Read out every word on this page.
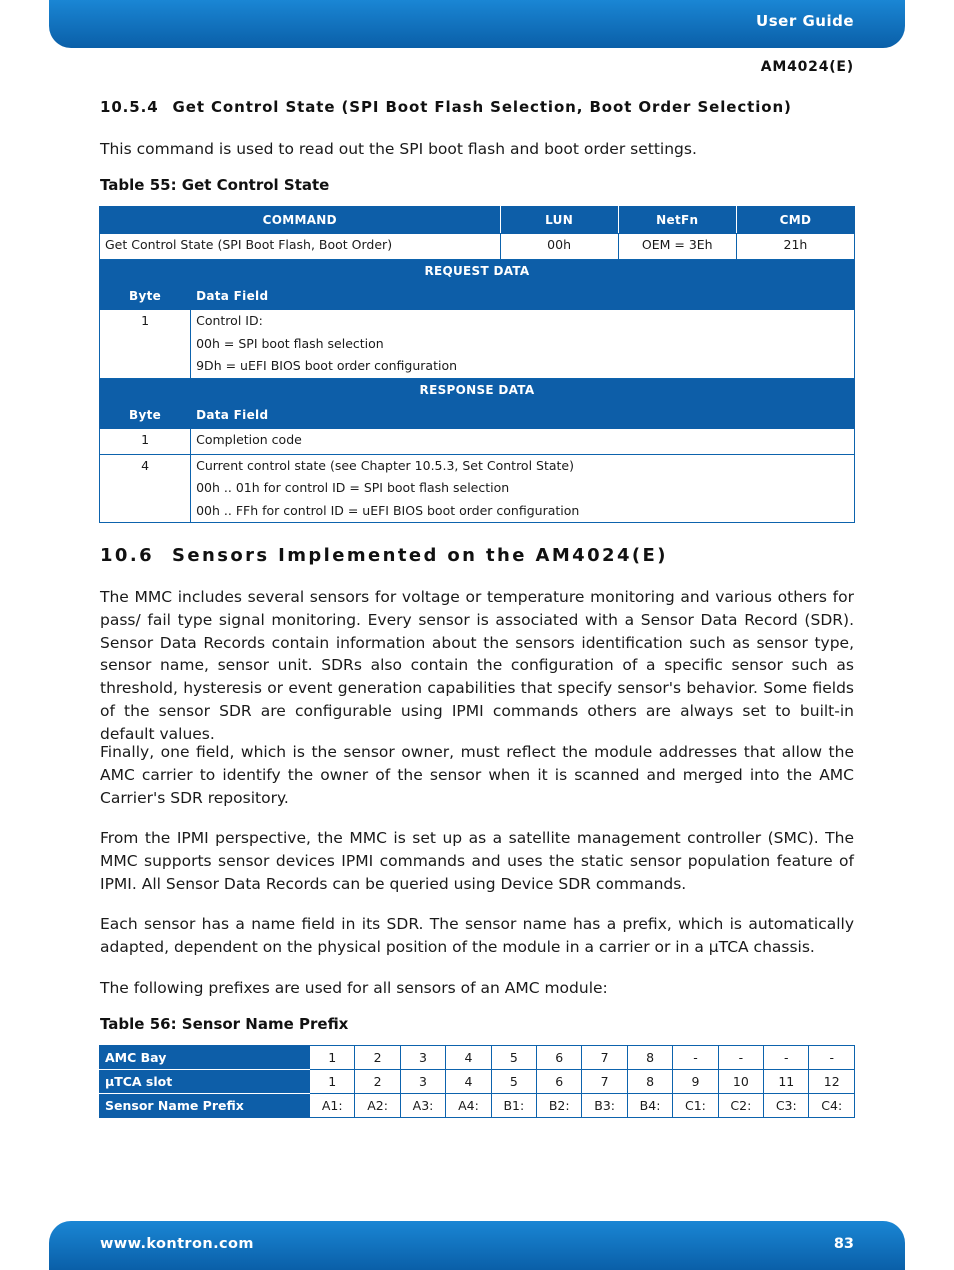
User Guide
AM4024(E)
10.5.4 Get Control State (SPI Boot Flash Selection, Boot Order Selection)

This command is used to read out the SPI boot flash and boot order settings.

Table 55: Get Control State
COMMAND		LUN	NetFn	CMD
Get Control State (SPI Boot Flash, Boot Order)		00h	OEM = 3Eh	21h
REQUEST DATA				
Byte	Data Field			
1	Control ID:
00h = SPI boot flash selection
9Dh = uEFI BIOS boot order configuration			

RESPONSE DATA				
Byte	Data Field			
1	Completion code			
4	Current control state (see Chapter 10.5.3, Set Control State)
00h .. 01h for control ID = SPI boot flash selection
00h .. FFh for control ID = uEFI BIOS boot order configuration			
10.6 Sensors Implemented on the AM4024(E)

The MMC includes several sensors for voltage or temperature monitoring and various others for pass/ fail type signal monitoring. Every sensor is associated with a Sensor Data Record (SDR). Sensor Data Records contain information about the sensors identification such as sensor type, sensor name, sensor unit. SDRs also contain the configuration of a specific sensor such as threshold, hysteresis or event generation capabilities that specify sensor's behavior. Some fields of the sensor SDR are configurable using IPMI commands others are always set to built-in default values.

Finally, one field, which is the sensor owner, must reflect the module addresses that allow the AMC carrier to identify the owner of the sensor when it is scanned and merged into the AMC Carrier's SDR repository.

From the IPMI perspective, the MMC is set up as a satellite management controller (SMC). The MMC supports sensor devices IPMI commands and uses the static sensor population feature of IPMI. All Sensor Data Records can be queried using Device SDR commands.

Each sensor has a name field in its SDR. The sensor name has a prefix, which is automatically adapted, dependent on the physical position of the module in a carrier or in a µTCA chassis.

The following prefixes are used for all sensors of an AMC module:

Table 56: Sensor Name Prefix
AMC Bay	1	2	3	4	5	6	7	8	-	-	-	-
µTCA slot	1	2	3	4	5	6	7	8	9	10	11	12
Sensor Name Prefix	A1:	A2:	A3:	A4:	B1:	B2:	B3:	B4:	C1:	C2:	C3:	C4:
www.kontron.com	83
